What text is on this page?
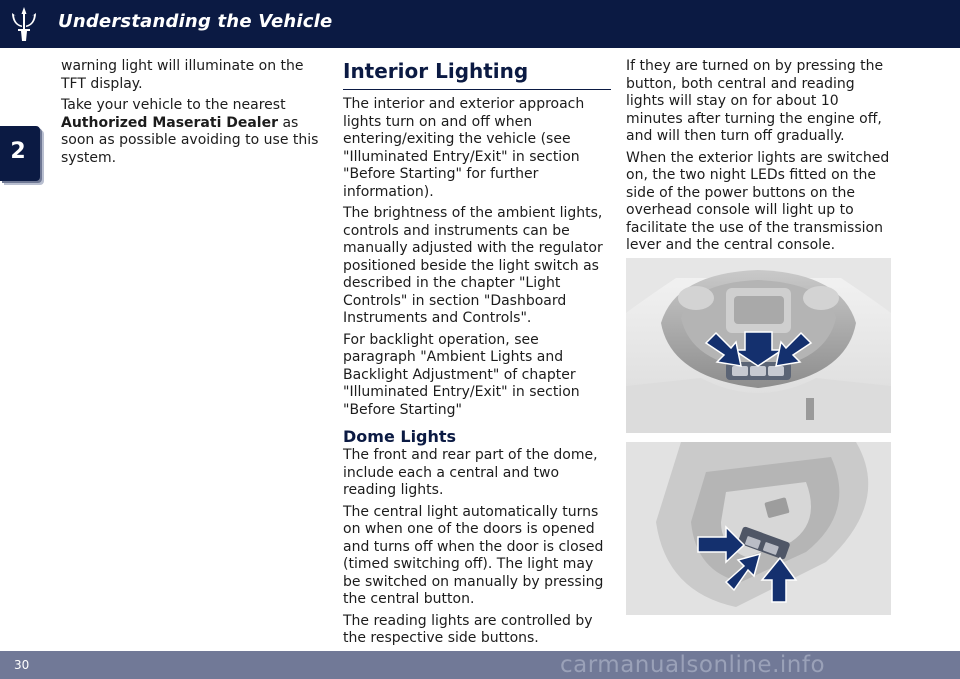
Understanding the Vehicle
2

warning light will illuminate on the TFT display.

Take your vehicle to the nearest Authorized Maserati Dealer as soon as possible avoiding to use this system.

Interior Lighting

The interior and exterior approach lights turn on and off when entering/exiting the vehicle (see "Illuminated Entry/Exit" in section "Before Starting" for further information).

The brightness of the ambient lights, controls and instruments can be manually adjusted with the regulator positioned beside the light switch as described in the chapter "Light Controls" in section "Dashboard Instruments and Controls".

For backlight operation, see paragraph "Ambient Lights and Backlight Adjustment" of chapter "Illuminated Entry/Exit" in section "Before Starting"

Dome Lights

The front and rear part of the dome, include each a central and two reading lights.

The central light automatically turns on when one of the doors is opened and turns off when the door is closed (timed switching off). The light may be switched on manually by pressing the central button.

The reading lights are controlled by the respective side buttons.

If they are turned on by pressing the button, both central and reading lights will stay on for about 10 minutes after turning the engine off, and will then turn off gradually.

When the exterior lights are switched on, the two night LEDs fitted on the side of the power buttons on the overhead console will light up to facilitate the use of the transmission lever and the central console.

30	carmanualsonline.info
